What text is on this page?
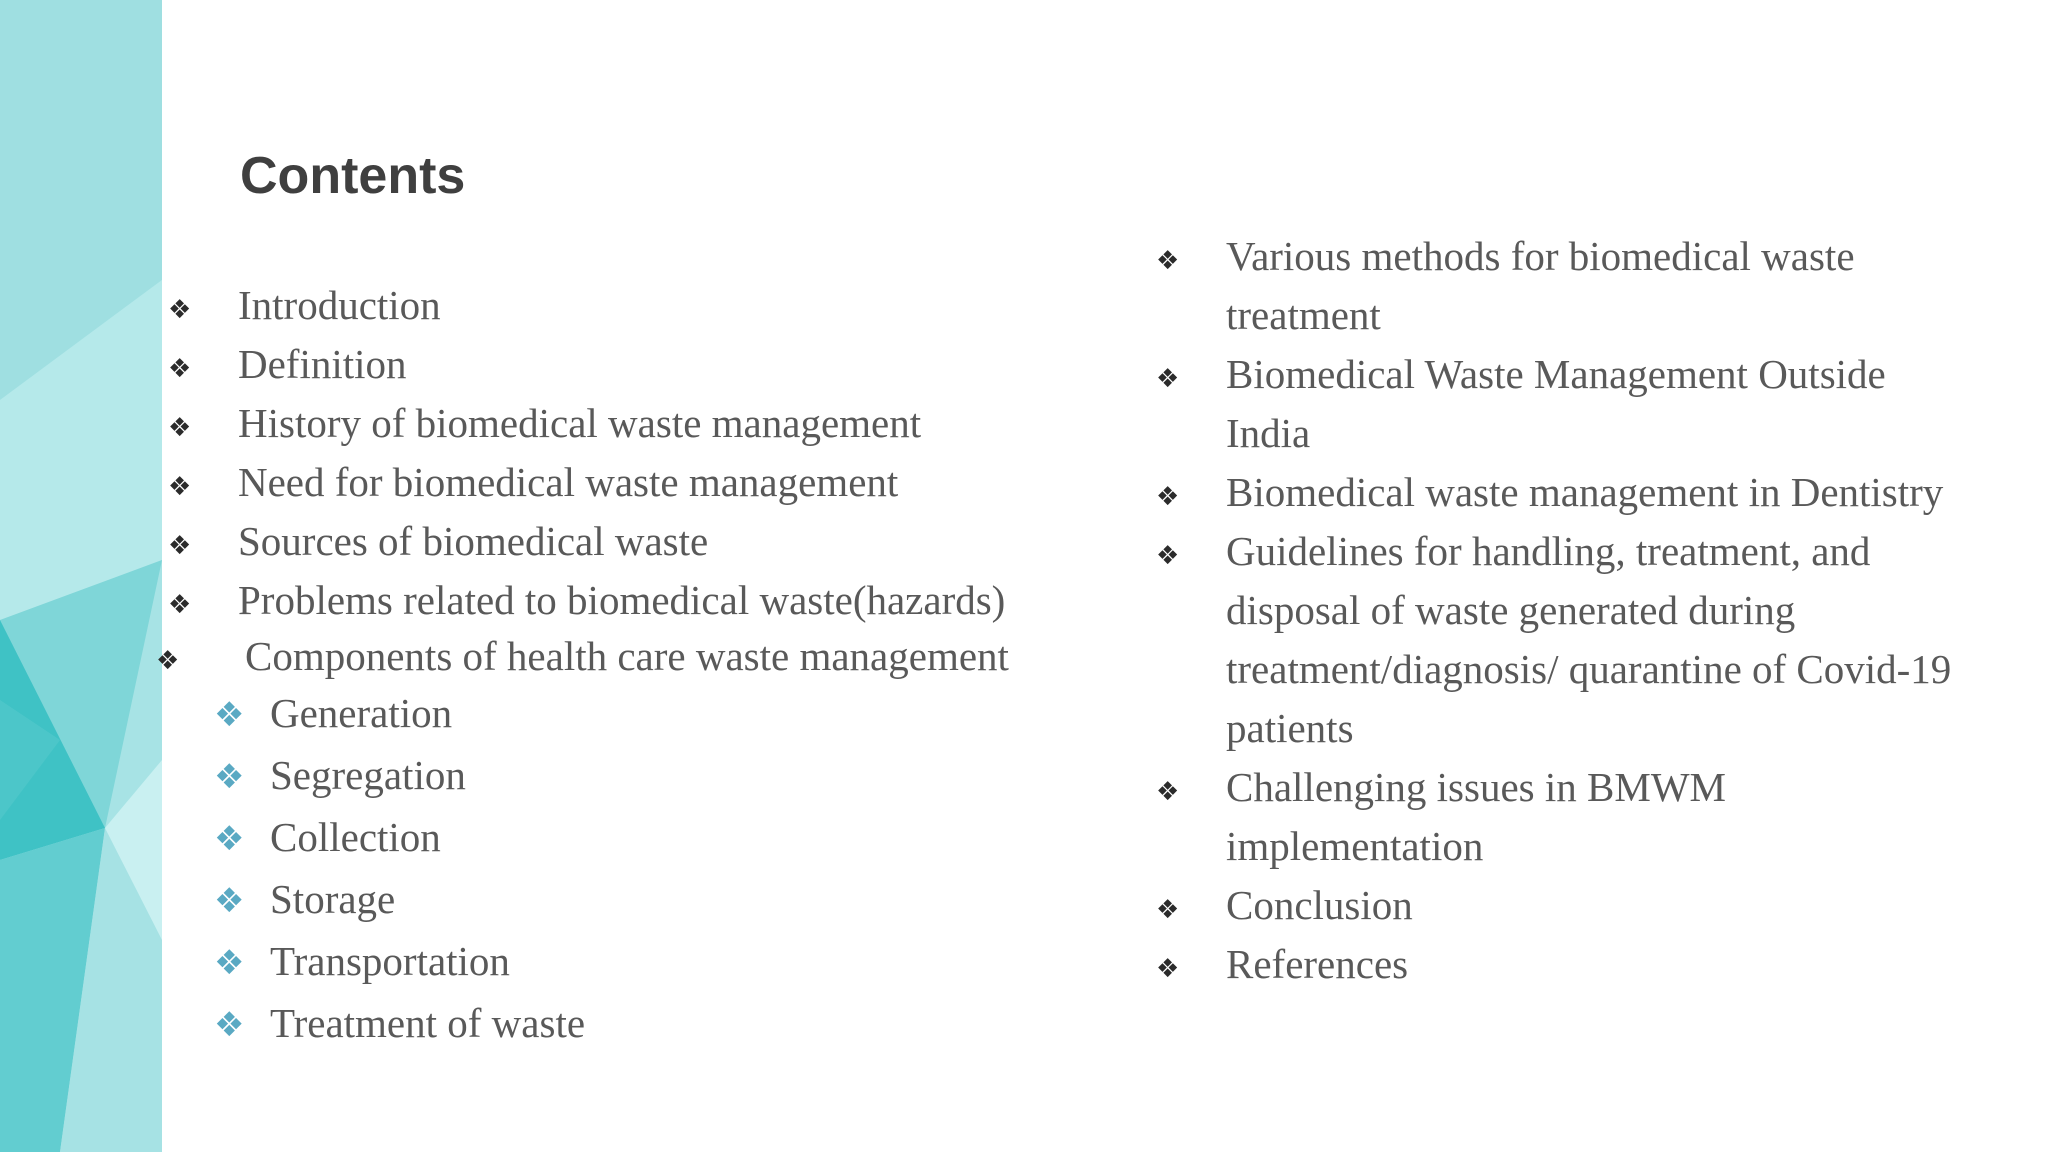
Contents
❖ Introduction
❖ Definition
❖ History of biomedical waste management
❖ Need for biomedical waste management
❖ Sources of biomedical waste
❖ Problems related to biomedical waste(hazards)
❖ Components of health care waste management
❖ Generation
❖ Segregation
❖ Collection
❖ Storage
❖ Transportation
❖ Treatment of waste
❖ Various methods for biomedical waste
treatment
❖ Biomedical Waste Management Outside
India
❖ Biomedical waste management in Dentistry
❖ Guidelines for handling, treatment, and
disposal of waste generated during
treatment/diagnosis/ quarantine of Covid-19
patients
❖ Challenging issues in BMWM
implementation
❖ Conclusion
❖ References
